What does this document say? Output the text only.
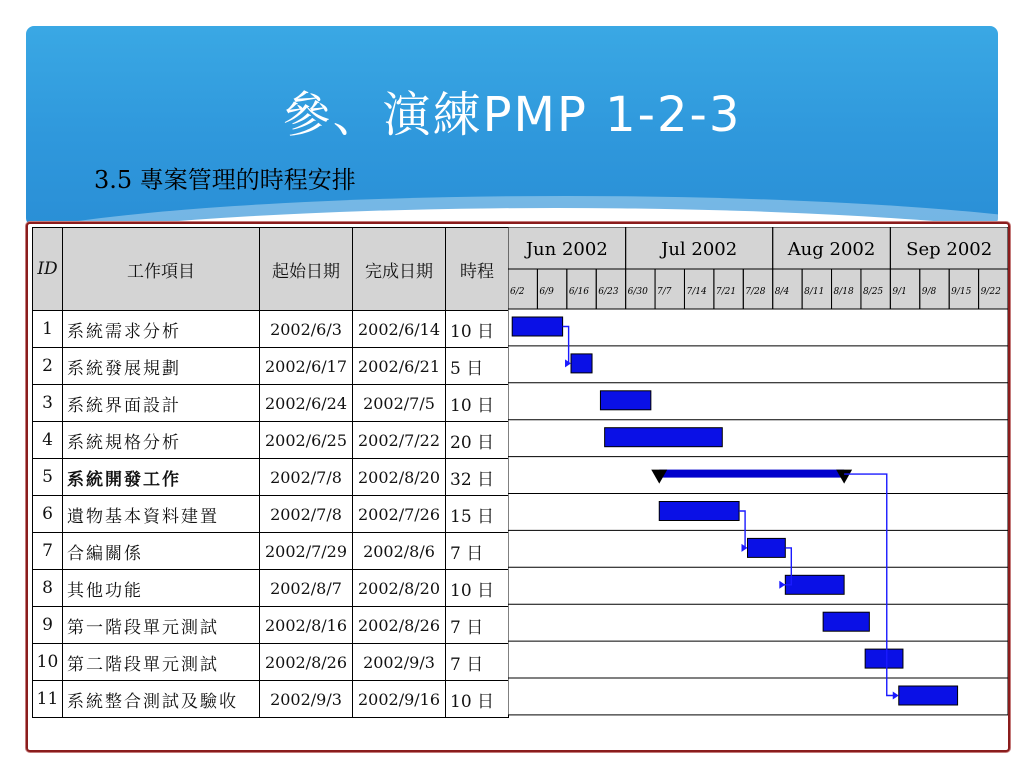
參、演練PMP 1-2-3
3.5 專案管理的時程安排
ID	工作項目	起始日期	完成日期	時程
1	系統需求分析	2002/6/3	2002/6/14	10 日
2	系統發展規劃	2002/6/17	2002/6/21	5 日
3	系統界面設計	2002/6/24	2002/7/5	10 日
4	系統規格分析	2002/6/25	2002/7/22	20 日
5	系統開發工作	2002/7/8	2002/8/20	32 日
6	遺物基本資料建置	2002/7/8	2002/7/26	15 日
7	合編關係	2002/7/29	2002/8/6	7 日
8	其他功能	2002/8/7	2002/8/20	10 日
9	第一階段單元測試	2002/8/16	2002/8/26	7 日
10	第二階段單元測試	2002/8/26	2002/9/3	7 日
11	系統整合測試及驗收	2002/9/3	2002/9/16	10 日
Jun 2002
6/2 6/9 6/16 6/23
Jul 2002
6/30 7/7 7/14 7/21 7/28
Aug 2002
8/4 8/11 8/18 8/25
Sep 2002
9/1 9/8 9/15 9/22
